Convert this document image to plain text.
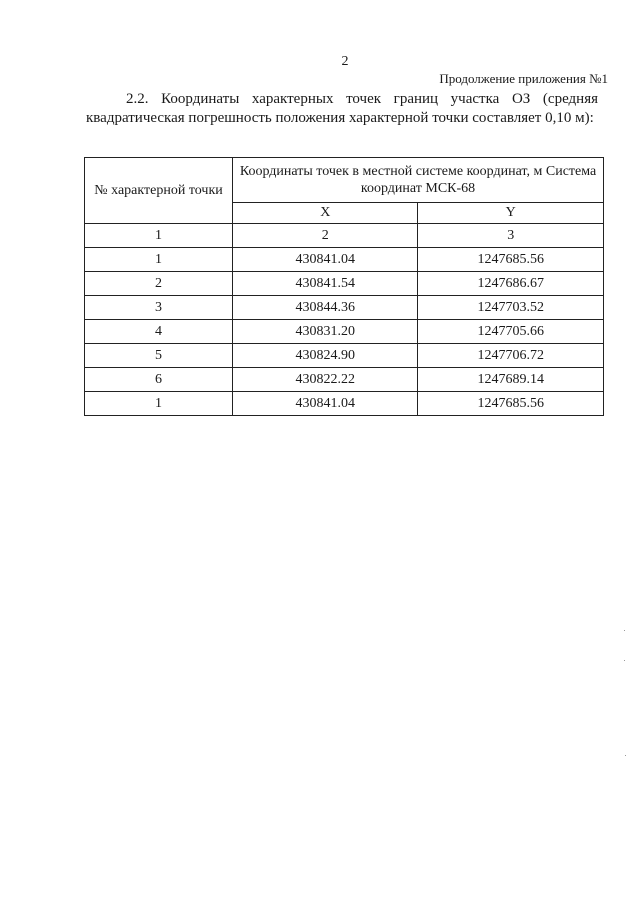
2
Продолжение приложения №1
2.2. Координаты характерных точек границ участка ОЗ (средняя квадратическая погрешность положения характерной точки составляет 0,10 м):
№ характерной точки	Координаты точек в местной системе координат, м Система координат МСК-68	
	X	Y
1	2	3
1	430841.04	1247685.56
2	430841.54	1247686.67
3	430844.36	1247703.52
4	430831.20	1247705.66
5	430824.90	1247706.72
6	430822.22	1247689.14
1	430841.04	1247685.56
